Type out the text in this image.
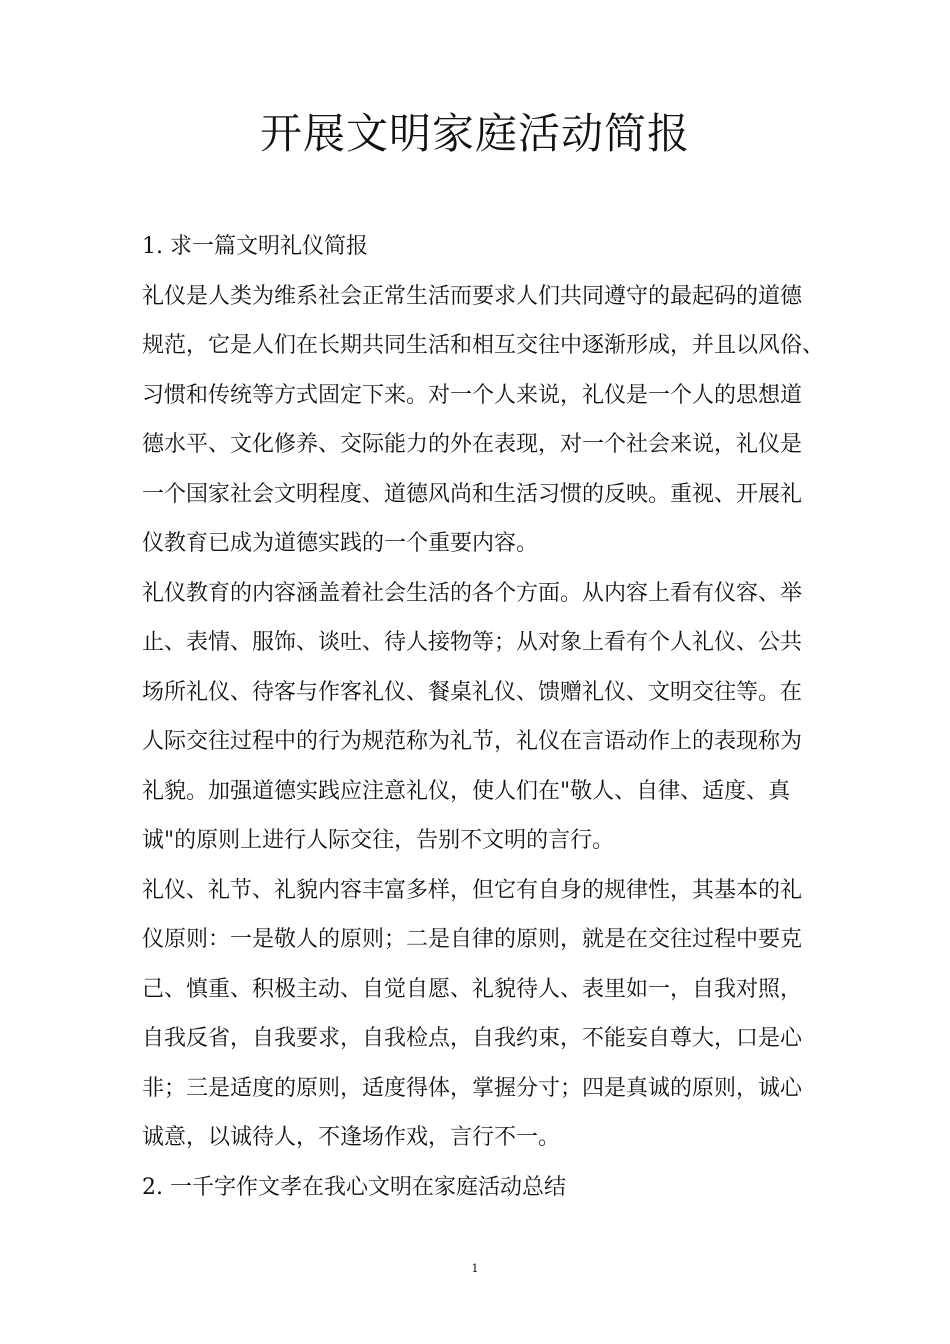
开展文明家庭活动简报

1. 求一篇文明礼仪简报

礼仪是人类为维系社会正常生活而要求人们共同遵守的最起码的道德
规范，它是人们在长期共同生活和相互交往中逐渐形成，并且以风俗、
习惯和传统等方式固定下来。对一个人来说，礼仪是一个人的思想道
德水平、文化修养、交际能力的外在表现，对一个社会来说，礼仪是
一个国家社会文明程度、道德风尚和生活习惯的反映。重视、开展礼
仪教育已成为道德实践的一个重要内容。

礼仪教育的内容涵盖着社会生活的各个方面。从内容上看有仪容、举
止、表情、服饰、谈吐、待人接物等；从对象上看有个人礼仪、公共
场所礼仪、待客与作客礼仪、餐桌礼仪、馈赠礼仪、文明交往等。在
人际交往过程中的行为规范称为礼节，礼仪在言语动作上的表现称为
礼貌。加强道德实践应注意礼仪，使人们在"敬人、自律、适度、真
诚"的原则上进行人际交往，告别不文明的言行。

礼仪、礼节、礼貌内容丰富多样，但它有自身的规律性，其基本的礼
仪原则：一是敬人的原则；二是自律的原则，就是在交往过程中要克
己、慎重、积极主动、自觉自愿、礼貌待人、表里如一，自我对照，
自我反省，自我要求，自我检点，自我约束，不能妄自尊大，口是心
非；三是适度的原则，适度得体，掌握分寸；四是真诚的原则，诚心
诚意，以诚待人，不逢场作戏，言行不一。

2. 一千字作文孝在我心文明在家庭活动总结

1
